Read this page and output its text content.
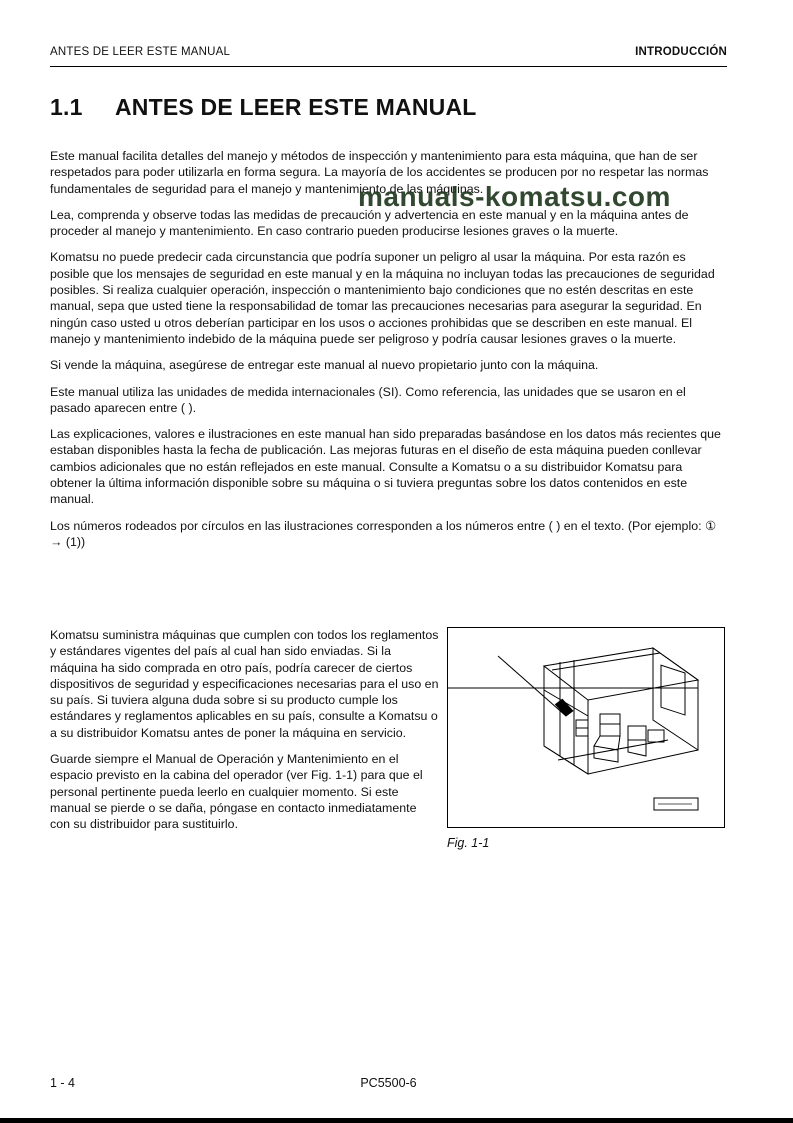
ANTES DE LEER ESTE MANUAL	INTRODUCCIÓN
1.1	ANTES DE LEER ESTE MANUAL
manuals-komatsu.com

Este manual facilita detalles del manejo y métodos de inspección y mantenimiento para esta máquina, que han de ser respetados para poder utilizarla en forma segura. La mayoría de los accidentes se producen por no respetar las normas fundamentales de seguridad para el manejo y mantenimiento de las máquinas.

Lea, comprenda y observe todas las medidas de precaución y advertencia en este manual y en la máquina antes de proceder al manejo y mantenimiento. En caso contrario pueden producirse lesiones graves o la muerte.

Komatsu no puede predecir cada circunstancia que podría suponer un peligro al usar la máquina. Por esta razón es posible que los mensajes de seguridad en este manual y en la máquina no incluyan todas las precauciones de seguridad posibles. Si realiza cualquier operación, inspección o mantenimiento bajo condiciones que no estén descritas en este manual, sepa que usted tiene la responsabilidad de tomar las precauciones necesarias para asegurar la seguridad. En ningún caso usted u otros deberían participar en los usos o acciones prohibidas que se describen en este manual. El manejo y mantenimiento indebido de la máquina puede ser peligroso y podría causar lesiones graves o la muerte.

Si vende la máquina, asegúrese de entregar este manual al nuevo propietario junto con la máquina.

Este manual utiliza las unidades de medida internacionales (SI). Como referencia, las unidades que se usaron en el pasado aparecen entre ( ).

Las explicaciones, valores e ilustraciones en este manual han sido preparadas basándose en los datos más recientes que estaban disponibles hasta la fecha de publicación. Las mejoras futuras en el diseño de esta máquina pueden conllevar cambios adicionales que no están reflejados en este manual. Consulte a Komatsu o a su distribuidor Komatsu para obtener la última información disponible sobre su máquina o si tuviera preguntas sobre los datos contenidos en este manual.

Los números rodeados por círculos en las ilustraciones corresponden a los números entre ( ) en el texto. (Por ejemplo: ① → (1))

Komatsu suministra máquinas que cumplen con todos los reglamentos y estándares vigentes del país al cual han sido enviadas. Si la máquina ha sido comprada en otro país, podría carecer de ciertos dispositivos de seguridad y especificaciones necesarias para el uso en su país. Si tuviera alguna duda sobre si su producto cumple los estándares y reglamentos aplicables en su país, consulte a Komatsu o a su distribuidor Komatsu antes de poner la máquina en servicio.

Guarde siempre el Manual de Operación y Mantenimiento en el espacio previsto en la cabina del operador (ver Fig. 1-1) para que el personal pertinente pueda leerlo en cualquier momento. Si este manual se pierde o se daña, póngase en contacto inmediatamente con su distribuidor para sustituirlo.

Fig. 1-1
PC5500-6
1 - 4
